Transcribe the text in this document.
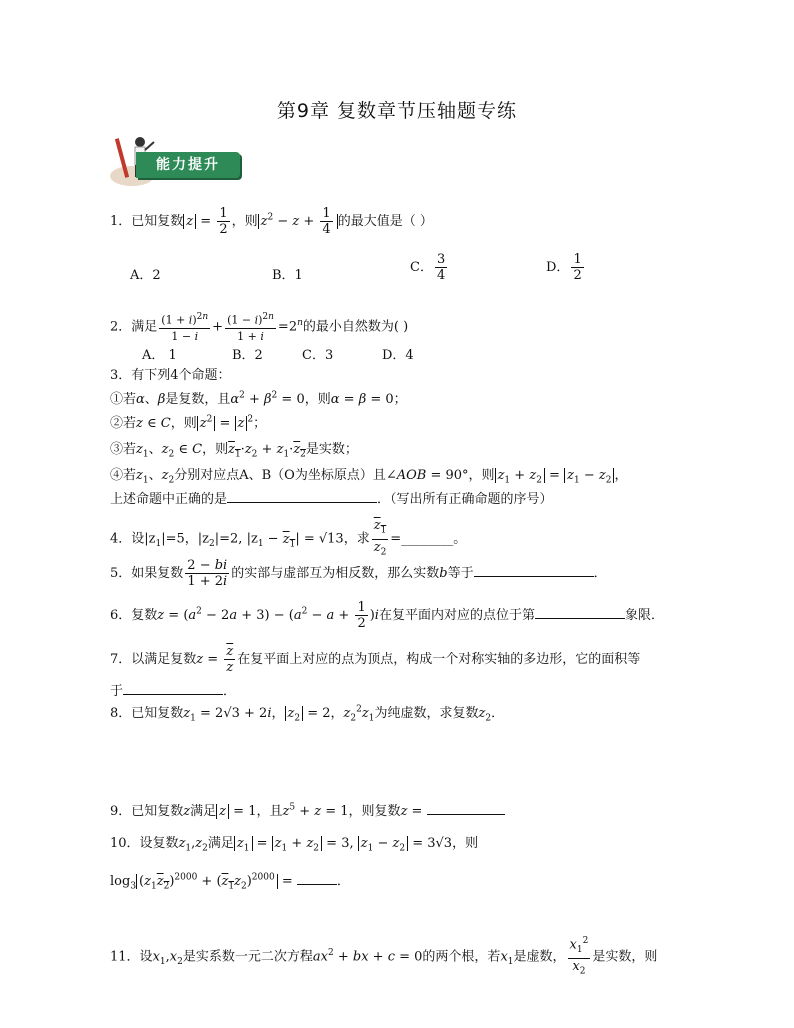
第9章 复数章节压轴题专练
能力提升
1．已知复数 $z = \frac{1}{2}$ ，则 $z^2 - z + \frac{1}{4}$ 的最大值是（ ）
A．2	B．1
C． $\frac{3}{4}$	D． $\frac{1}{2}$
2．满足 $\frac{(1 + i)^{2n}}{1 - i} + \frac{(1 - i)^{2n}}{1 + i} =2^n$的最小自然数为( )
A． 1	B．2	C．3	D．4
3．有下列4个命题：
①若α、β是复数，且$\alpha^2 + \beta^2 = 0$，则α = β = 0；
②若z ∈ C，则 $z^2 = z$ $^2$；
③若$z_1$、$z_2$ ∈ C，则$z_1\cdot z_2 + z_1\cdot z_2$是实数；
④若$z_1$、$z_2$分别对应点A、B（O为坐标原点）且∠AOB = 90°，则 $z_1 + z_2 = z_1 - z_2$ ，
上述命题中正确的是	．（写出所有正确命题的序号）
4．设$|z_1|=5$，$|z_2|=2$, $|z_1 - z_1| = √13$，求 $\frac{z_1}{z_2}$ =________。
5．如果复数 $\frac{2 - bi}{1 + 2i}$ 的实部与虚部互为相反数，那么实数b等于	．
6．复数$z = (a^2 - 2a + 3) - (a^2 - a + \frac{1}{2} )i$在复平面内对应的点位于第	象限．
7．以满足复数$z = \frac{\overline{z}}{z}$ 在复平面上对应的点为顶点，构成一个对称实轴的多边形，它的面积等
于	．
8．已知复数$z_1 = 2√3 + 2i$， $z_2 = 2$，$z_2^2z_1$为纯虚数，求复数$z_2$．
9．已知复数z满足 z = 1，且$z^5 + z = 1$，则复数z =
10．设复数$z_1,z_2$满足 $z_1 = z_1 + z_2 = 3$, $z_1 - z_2 = 3√3$，则
$\log_3 (z_1z_2)^{2000} + (z_1z_2)^{2000}$ =	．
11．设$x_1,x_2$是实系数一元二次方程$ax^2$ + bx + c = 0的两个根，若$x_1$是虚数， $\frac{x_1^2}{x_2}$ 是实数，则
